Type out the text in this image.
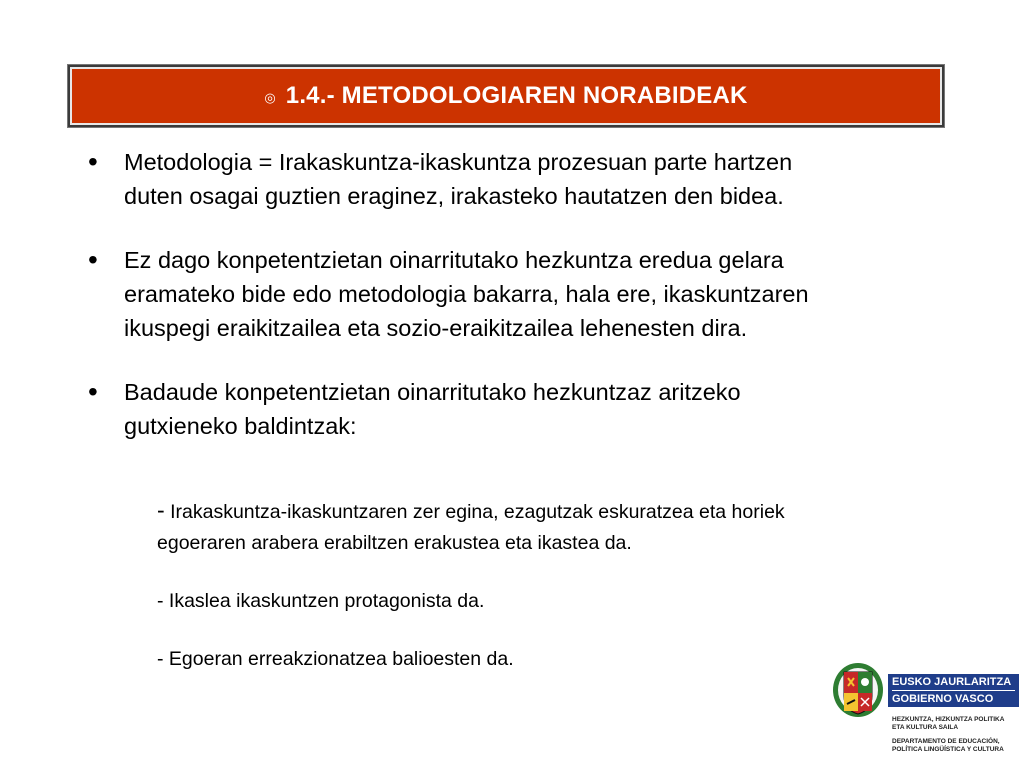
◎ 1.4.- METODOLOGIAREN NORABIDEAK
• Metodologia = Irakaskuntza-ikaskuntza prozesuan parte hartzen
duten osagai guztien eraginez, irakasteko hautatzen den bidea.
• Ez dago konpetentzietan oinarritutako hezkuntza eredua gelara
eramateko bide edo metodologia bakarra, hala ere, ikaskuntzaren
ikuspegi eraikitzailea eta sozio-eraikitzailea lehenesten dira.
• Badaude konpetentzietan oinarritutako hezkuntzaz aritzeko
gutxieneko baldintzak:
- Irakaskuntza-ikaskuntzaren zer egina, ezagutzak eskuratzea eta horiek
egoeraren arabera erabiltzen erakustea eta ikastea da.
- Ikaslea ikaskuntzen protagonista da.
- Egoeran erreakzionatzea balioesten da.
EUSKO JAURLARITZA
GOBIERNO VASCO
HEZKUNTZA, HIZKUNTZA POLITIKA
ETA KULTURA SAILA
DEPARTAMENTO DE EDUCACIÓN,
POLÍTICA LINGÜÍSTICA Y CULTURA
